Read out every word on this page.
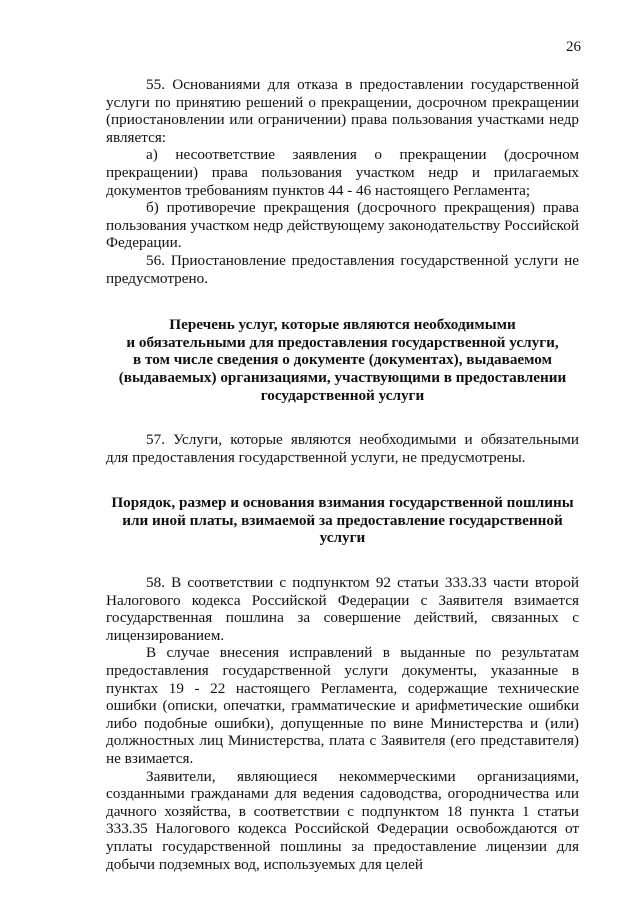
26

55. Основаниями для отказа в предоставлении государственной услуги по принятию решений о прекращении, досрочном прекращении (приостановлении или ограничении) права пользования участками недр является:

а) несоответствие заявления о прекращении (досрочном прекращении) права пользования участком недр и прилагаемых документов требованиям пунктов 44 - 46 настоящего Регламента;

б) противоречие прекращения (досрочного прекращения) права пользования участком недр действующему законодательству Российской Федерации.

56. Приостановление предоставления государственной услуги не предусмотрено.

Перечень услуг, которые являются необходимыми
и обязательными для предоставления государственной услуги,
в том числе сведения о документе (документах), выдаваемом
(выдаваемых) организациями, участвующими в предоставлении
государственной услуги

57. Услуги, которые являются необходимыми и обязательными для предоставления государственной услуги, не предусмотрены.

Порядок, размер и основания взимания государственной пошлины
или иной платы, взимаемой за предоставление государственной
услуги

58. В соответствии с подпунктом 92 статьи 333.33 части второй Налогового кодекса Российской Федерации с Заявителя взимается государственная пошлина за совершение действий, связанных с лицензированием.

В случае внесения исправлений в выданные по результатам предоставления государственной услуги документы, указанные в пунктах 19 - 22 настоящего Регламента, содержащие технические ошибки (описки, опечатки, грамматические и арифметические ошибки либо подобные ошибки), допущенные по вине Министерства и (или) должностных лиц Министерства, плата с Заявителя (его представителя) не взимается.

Заявители, являющиеся некоммерческими организациями, созданными гражданами для ведения садоводства, огородничества или дачного хозяйства, в соответствии с подпунктом 18 пункта 1 статьи 333.35 Налогового кодекса Российской Федерации освобождаются от уплаты государственной пошлины за предоставление лицензии для добычи подземных вод, используемых для целей
